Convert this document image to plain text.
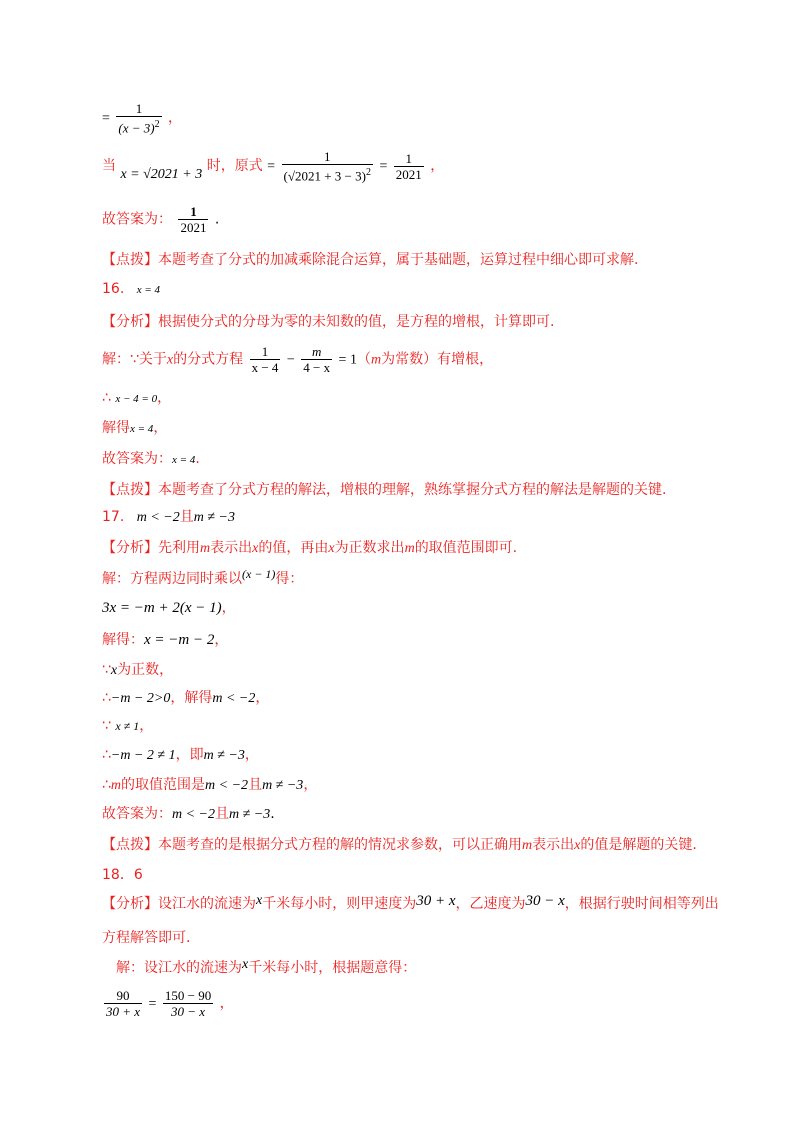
= $\frac{1}{(x - 3)^2}$ ，
当 x = √2021 + 3 时，原式 = $\frac{1}{(√2021 + 3 - 3)^2} = \frac{1}{2021}$ ，
故答案为： $\frac{1}{2021}$ .
【点拨】本题考查了分式的加减乘除混合运算，属于基础题，运算过程中细心即可求解.
16. x = 4
【分析】根据使分式的分母为零的未知数的值，是方程的增根，计算即可.
解：∵关于x的分式方程 $\frac{1}{x - 4} - \frac{m}{4 - x} = 1(m$为常数）有增根，
∴ x − 4 = 0，
解得x = 4，
故答案为：x = 4.
【点拨】本题考查了分式方程的解法，增根的理解，熟练掌握分式方程的解法是解题的关键.
17. m < −2且m ≠ −3
【分析】先利用m表示出x的值，再由x为正数求出m的取值范围即可.
解：方程两边同时乘以(x − 1)得：
3x = −m + 2(x − 1)，
解得：x = −m − 2，
∵x为正数，
∴−m − 2>0，解得m < −2，
∵ x ≠ 1，
∴−m − 2 ≠ 1，即m ≠ −3，
∴m的取值范围是m < −2且m ≠ −3，
故答案为：m < −2且m ≠ −3.
【点拨】本题考查的是根据分式方程的解的情况求参数，可以正确用m表示出x的值是解题的关键.
18．6
【分析】设江水的流速为x千米每小时，则甲速度为30 + x，乙速度为30 − x，根据行驶时间相等列出
方程解答即可.
解：设江水的流速为x千米每小时，根据题意得：
$\frac{90}{30 + x} = \frac{150 - 90}{30 - x}$ ，
